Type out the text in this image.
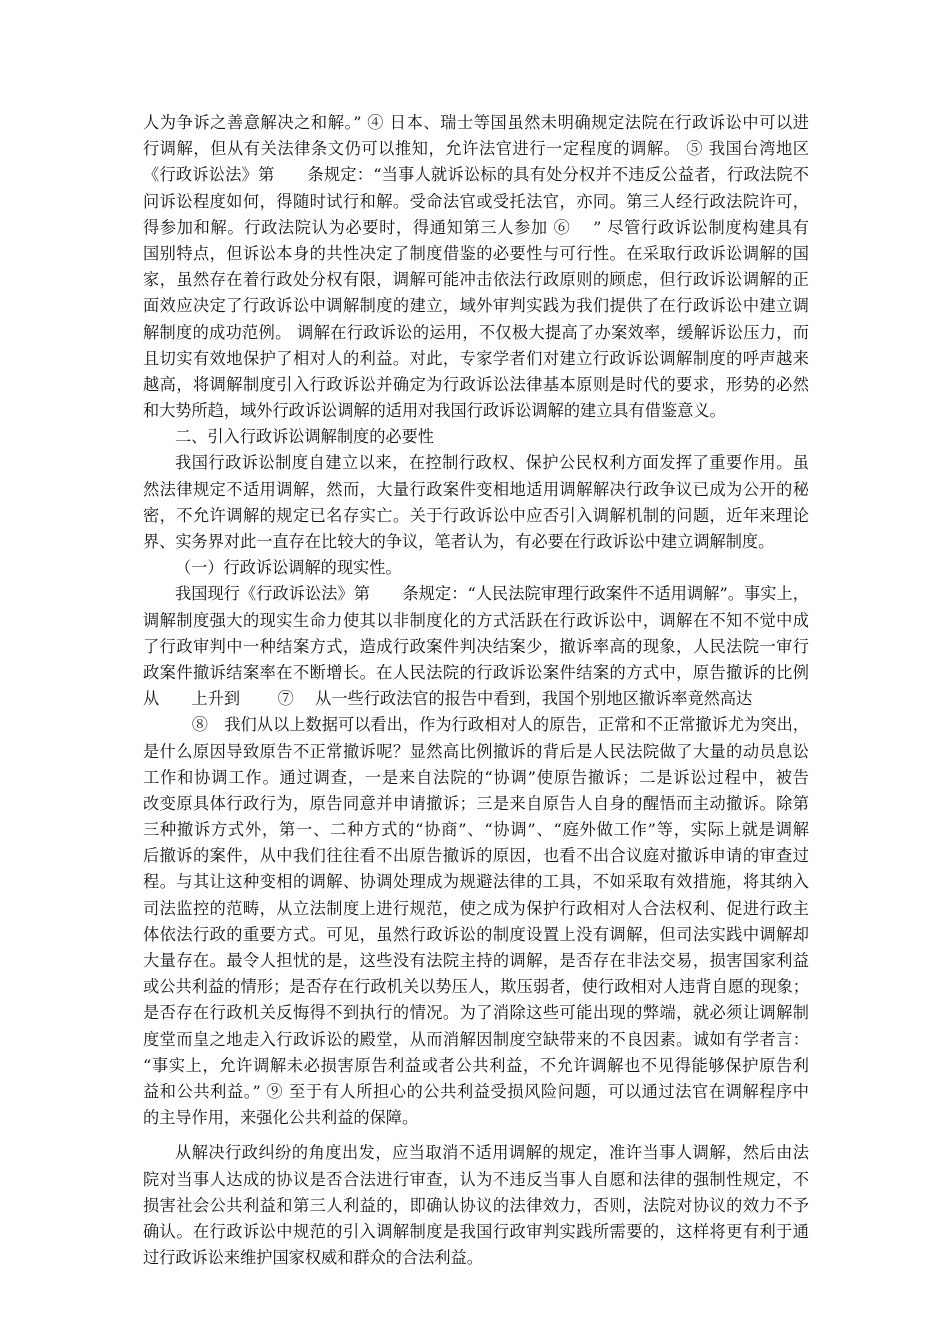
人为争诉之善意解决之和解。” ④ 日本、瑞士等国虽然未明确规定法院在行政诉讼中可以进
行调解，但从有关法律条文仍可以推知，允许法官进行一定程度的调解。 ⑤ 我国台湾地区
《行政诉讼法》第　　条规定：“当事人就诉讼标的具有处分权并不违反公益者，行政法院不
问诉讼程度如何，得随时试行和解。受命法官或受托法官，亦同。第三人经行政法院许可，
得参加和解。行政法院认为必要时，得通知第三人参加 ⑥　 ” 尽管行政诉讼制度构建具有
国别特点，但诉讼本身的共性决定了制度借鉴的必要性与可行性。在采取行政诉讼调解的国
家，虽然存在着行政处分权有限，调解可能冲击依法行政原则的顾虑，但行政诉讼调解的正
面效应决定了行政诉讼中调解制度的建立，域外审判实践为我们提供了在行政诉讼中建立调
解制度的成功范例。 调解在行政诉讼的运用，不仅极大提高了办案效率，缓解诉讼压力，而
且切实有效地保护了相对人的利益。对此，专家学者们对建立行政诉讼调解制度的呼声越来
越高，将调解制度引入行政诉讼并确定为行政诉讼法律基本原则是时代的要求，形势的必然
和大势所趋，域外行政诉讼调解的适用对我国行政诉讼调解的建立具有借鉴意义。
二、引入行政诉讼调解制度的必要性
我国行政诉讼制度自建立以来，在控制行政权、保护公民权利方面发挥了重要作用。虽
然法律规定不适用调解，然而，大量行政案件变相地适用调解解决行政争议已成为公开的秘
密，不允许调解的规定已名存实亡。关于行政诉讼中应否引入调解机制的问题，近年来理论
界、实务界对此一直存在比较大的争议，笔者认为，有必要在行政诉讼中建立调解制度。
（一）行政诉讼调解的现实性。
我国现行《行政诉讼法》第　　条规定：“人民法院审理行政案件不适用调解”。事实上，
调解制度强大的现实生命力使其以非制度化的方式活跃在行政诉讼中，调解在不知不觉中成
了行政审判中一种结案方式，造成行政案件判决结案少，撤诉率高的现象，人民法院一审行
政案件撤诉结案率在不断增长。在人民法院的行政诉讼案件结案的方式中，原告撤诉的比例
从　　上升到　　 ⑦　 从一些行政法官的报告中看到，我国个别地区撤诉率竟然高达
　　　⑧　我们从以上数据可以看出，作为行政相对人的原告，正常和不正常撤诉尤为突出，
是什么原因导致原告不正常撤诉呢？显然高比例撤诉的背后是人民法院做了大量的动员息讼
工作和协调工作。通过调查，一是来自法院的“协调”使原告撤诉；二是诉讼过程中，被告
改变原具体行政行为，原告同意并申请撤诉；三是来自原告人自身的醒悟而主动撤诉。除第
三种撤诉方式外，第一、二种方式的“协商”、“协调”、“庭外做工作”等，实际上就是调解
后撤诉的案件，从中我们往往看不出原告撤诉的原因，也看不出合议庭对撤诉申请的审查过
程。与其让这种变相的调解、协调处理成为规避法律的工具，不如采取有效措施，将其纳入
司法监控的范畴，从立法制度上进行规范，使之成为保护行政相对人合法权利、促进行政主
体依法行政的重要方式。可见，虽然行政诉讼的制度设置上没有调解，但司法实践中调解却
大量存在。最令人担忧的是，这些没有法院主持的调解，是否存在非法交易，损害国家利益
或公共利益的情形；是否存在行政机关以势压人，欺压弱者，使行政相对人违背自愿的现象；
是否存在行政机关反悔得不到执行的情况。为了消除这些可能出现的弊端，就必须让调解制
度堂而皇之地走入行政诉讼的殿堂，从而消解因制度空缺带来的不良因素。诚如有学者言：
“事实上，允许调解未必损害原告利益或者公共利益，不允许调解也不见得能够保护原告利
益和公共利益。” ⑨ 至于有人所担心的公共利益受损风险问题，可以通过法官在调解程序中
的主导作用，来强化公共利益的保障。
从解决行政纠纷的角度出发，应当取消不适用调解的规定，准许当事人调解，然后由法
院对当事人达成的协议是否合法进行审查，认为不违反当事人自愿和法律的强制性规定，不
损害社会公共利益和第三人利益的，即确认协议的法律效力，否则，法院对协议的效力不予
确认。在行政诉讼中规范的引入调解制度是我国行政审判实践所需要的，这样将更有利于通
过行政诉讼来维护国家权威和群众的合法利益。
